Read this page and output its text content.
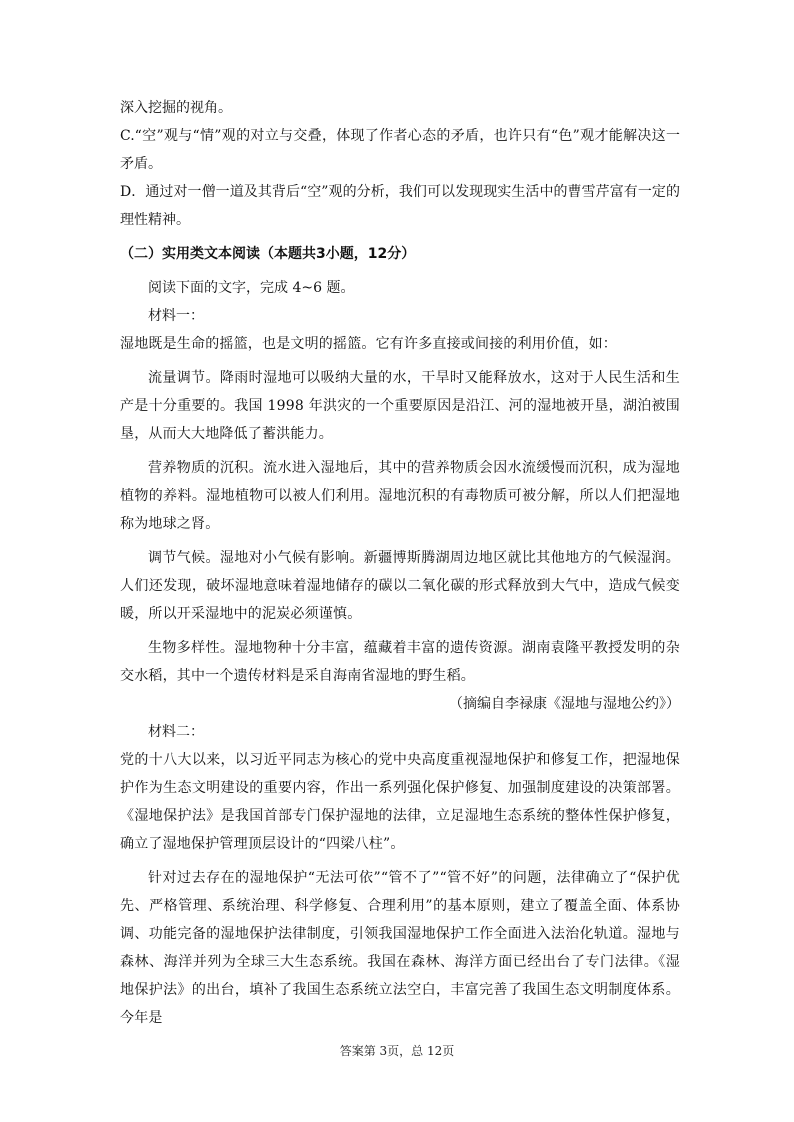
深入挖掘的视角。

C.“空”观与“情”观的对立与交叠，体现了作者心态的矛盾，也许只有“色”观才能解决这一矛盾。

D．通过对一僧一道及其背后“空”观的分析，我们可以发现现实生活中的曹雪芹富有一定的理性精神。

（二）实用类文本阅读（本题共3小题，12分）

阅读下面的文字，完成 4~6 题。

材料一：

湿地既是生命的摇篮，也是文明的摇篮。它有许多直接或间接的利用价值，如：

流量调节。降雨时湿地可以吸纳大量的水，干旱时又能释放水，这对于人民生活和生产是十分重要的。我国 1998 年洪灾的一个重要原因是沿江、河的湿地被开垦，湖泊被围垦，从而大大地降低了蓄洪能力。

营养物质的沉积。流水进入湿地后，其中的营养物质会因水流缓慢而沉积，成为湿地植物的养料。湿地植物可以被人们利用。湿地沉积的有毒物质可被分解，所以人们把湿地称为地球之肾。

调节气候。湿地对小气候有影响。新疆博斯腾湖周边地区就比其他地方的气候湿润。人们还发现，破坏湿地意味着湿地储存的碳以二氧化碳的形式释放到大气中，造成气候变暖，所以开采湿地中的泥炭必须谨慎。

生物多样性。湿地物种十分丰富，蕴藏着丰富的遗传资源。湖南袁隆平教授发明的杂交水稻，其中一个遗传材料是采自海南省湿地的野生稻。

（摘编自李禄康《湿地与湿地公约》）

材料二：

党的十八大以来，以习近平同志为核心的党中央高度重视湿地保护和修复工作，把湿地保护作为生态文明建设的重要内容，作出一系列强化保护修复、加强制度建设的决策部署。《湿地保护法》是我国首部专门保护湿地的法律，立足湿地生态系统的整体性保护修复，确立了湿地保护管理顶层设计的“四梁八柱”。

针对过去存在的湿地保护“无法可依”“管不了”“管不好”的问题，法律确立了“保护优先、严格管理、系统治理、科学修复、合理利用”的基本原则，建立了覆盖全面、体系协调、功能完备的湿地保护法律制度，引领我国湿地保护工作全面进入法治化轨道。湿地与森林、海洋并列为全球三大生态系统。我国在森林、海洋方面已经出台了专门法律。《湿地保护法》的出台，填补了我国生态系统立法空白，丰富完善了我国生态文明制度体系。今年是

答案第 3页，总 12页
